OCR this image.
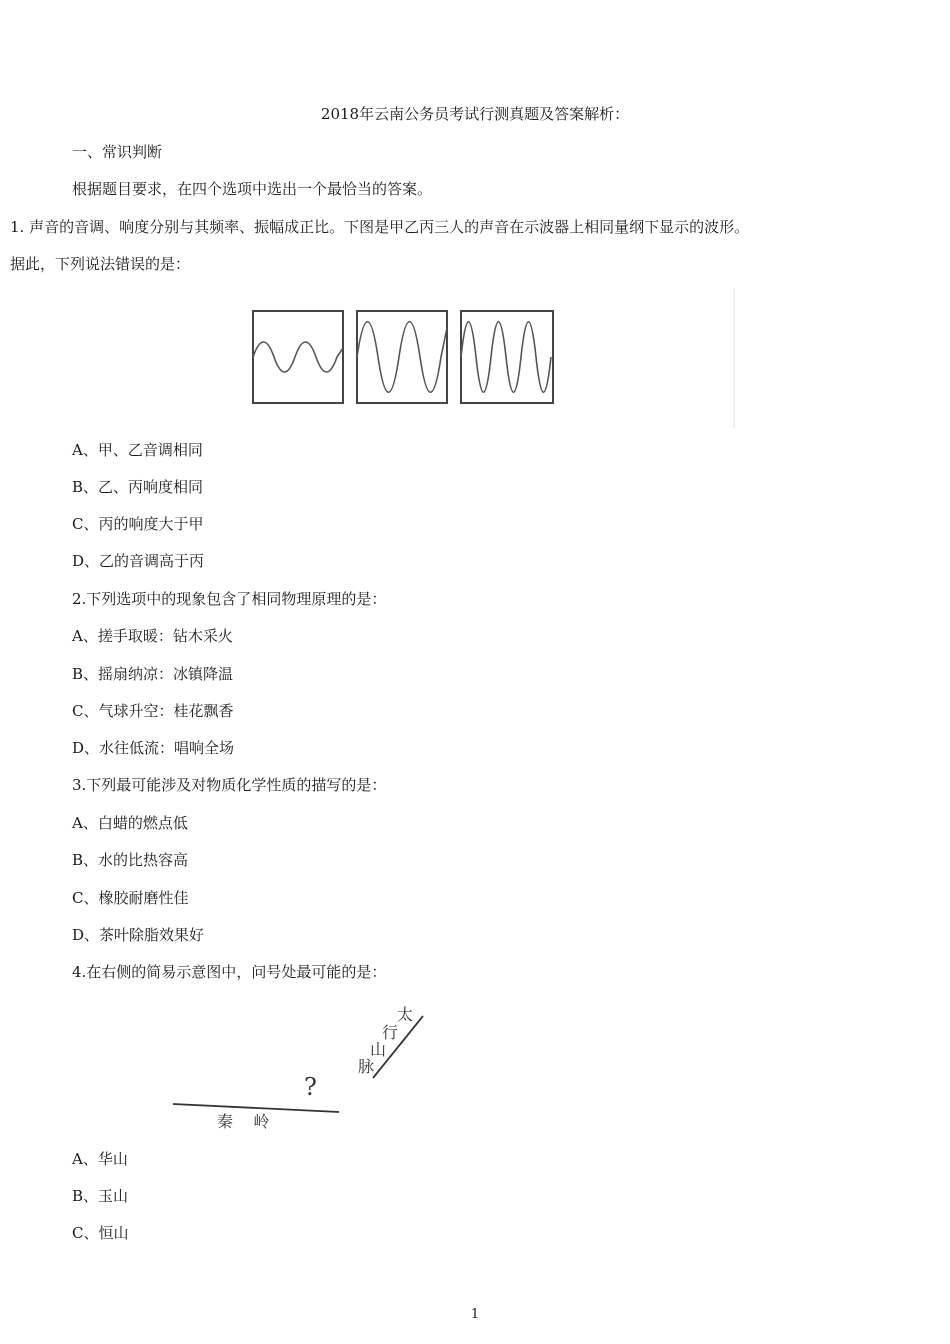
2018年云南公务员考试行测真题及答案解析：
一、常识判断
根据题目要求，在四个选项中选出一个最恰当的答案。
1. 声音的音调、响度分别与其频率、振幅成正比。下图是甲乙丙三人的声音在示波器上相同量纲下显示的波形。
据此，下列说法错误的是：
A、甲、乙音调相同
B、乙、丙响度相同
C、丙的响度大于甲
D、乙的音调高于丙
2.下列选项中的现象包含了相同物理原理的是：
A、搓手取暖：钻木采火
B、摇扇纳凉：冰镇降温
C、气球升空：桂花飘香
D、水往低流：唱响全场
3.下列最可能涉及对物质化学性质的描写的是：
A、白蜡的燃点低
B、水的比热容高
C、橡胶耐磨性佳
D、茶叶除脂效果好
4.在右侧的简易示意图中，问号处最可能的是：
太
行
山
脉
?
秦    岭
A、华山
B、玉山
C、恒山
1
